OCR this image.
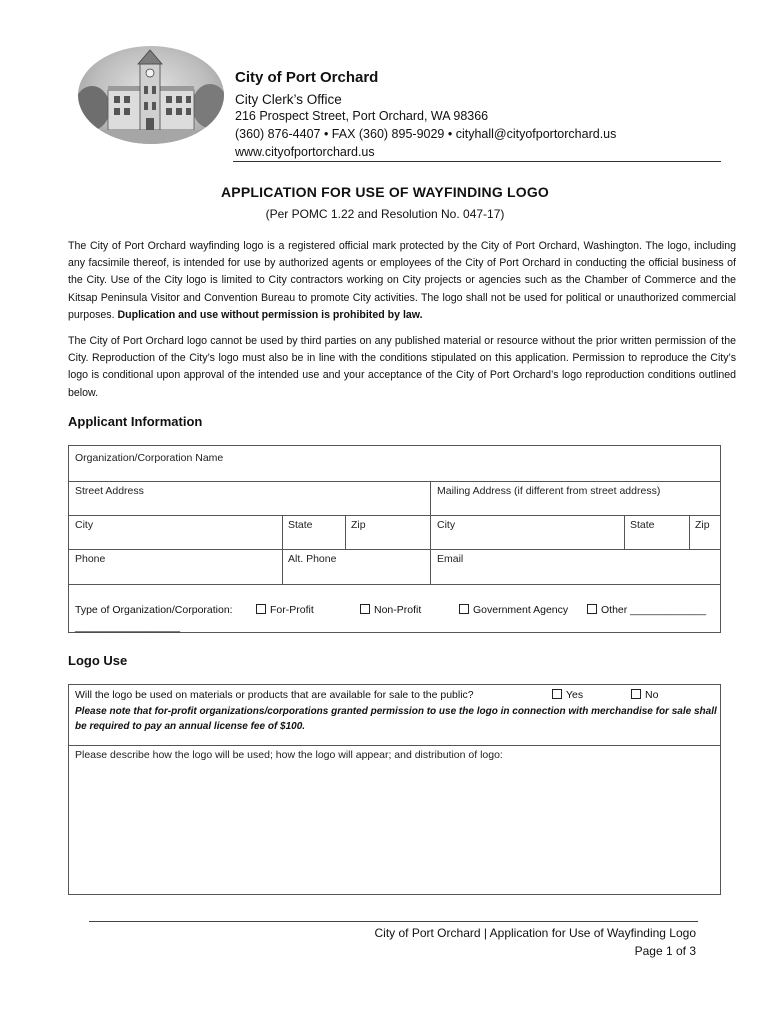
City of Port Orchard
City Clerk’s Office
216 Prospect Street, Port Orchard, WA 98366
(360) 876-4407 • FAX (360) 895-9029 • cityhall@cityofportorchard.us
www.cityofportorchard.us
APPLICATION FOR USE OF WAYFINDING LOGO
(Per POMC 1.22 and Resolution No. 047-17)
The City of Port Orchard wayfinding logo is a registered official mark protected by the City of Port Orchard, Washington. The logo, including any facsimile thereof, is intended for use by authorized agents or employees of the City of Port Orchard in conducting the official business of the City. Use of the City logo is limited to City contractors working on City projects or agencies such as the Chamber of Commerce and the Kitsap Peninsula Visitor and Convention Bureau to promote City activities. The logo shall not be used for political or unauthorized commercial purposes. Duplication and use without permission is prohibited by law.
The City of Port Orchard logo cannot be used by third parties on any published material or resource without the prior written permission of the City. Reproduction of the City’s logo must also be in line with the conditions stipulated on this application. Permission to reproduce the City’s logo is conditional upon approval of the intended use and your acceptance of the City of Port Orchard’s logo reproduction conditions outlined below.
Applicant Information
Organization/Corporation Name
Street Address	Mailing Address (if different from street address)
City	State	Zip	City	State	Zip
Phone	Alt. Phone	Email
Type of Organization/Corporation:	For-Profit	Non-Profit	Government Agency	Other _____________
__________________
Logo Use
Will the logo be used on materials or products that are available for sale to the public?	Yes	No
Please note that for-profit organizations/corporations granted permission to use the logo in connection with merchandise for sale shall be required to pay an annual license fee of $100.
Please describe how the logo will be used; how the logo will appear; and distribution of logo:
City of Port Orchard | Application for Use of Wayfinding Logo
Page 1 of 3
